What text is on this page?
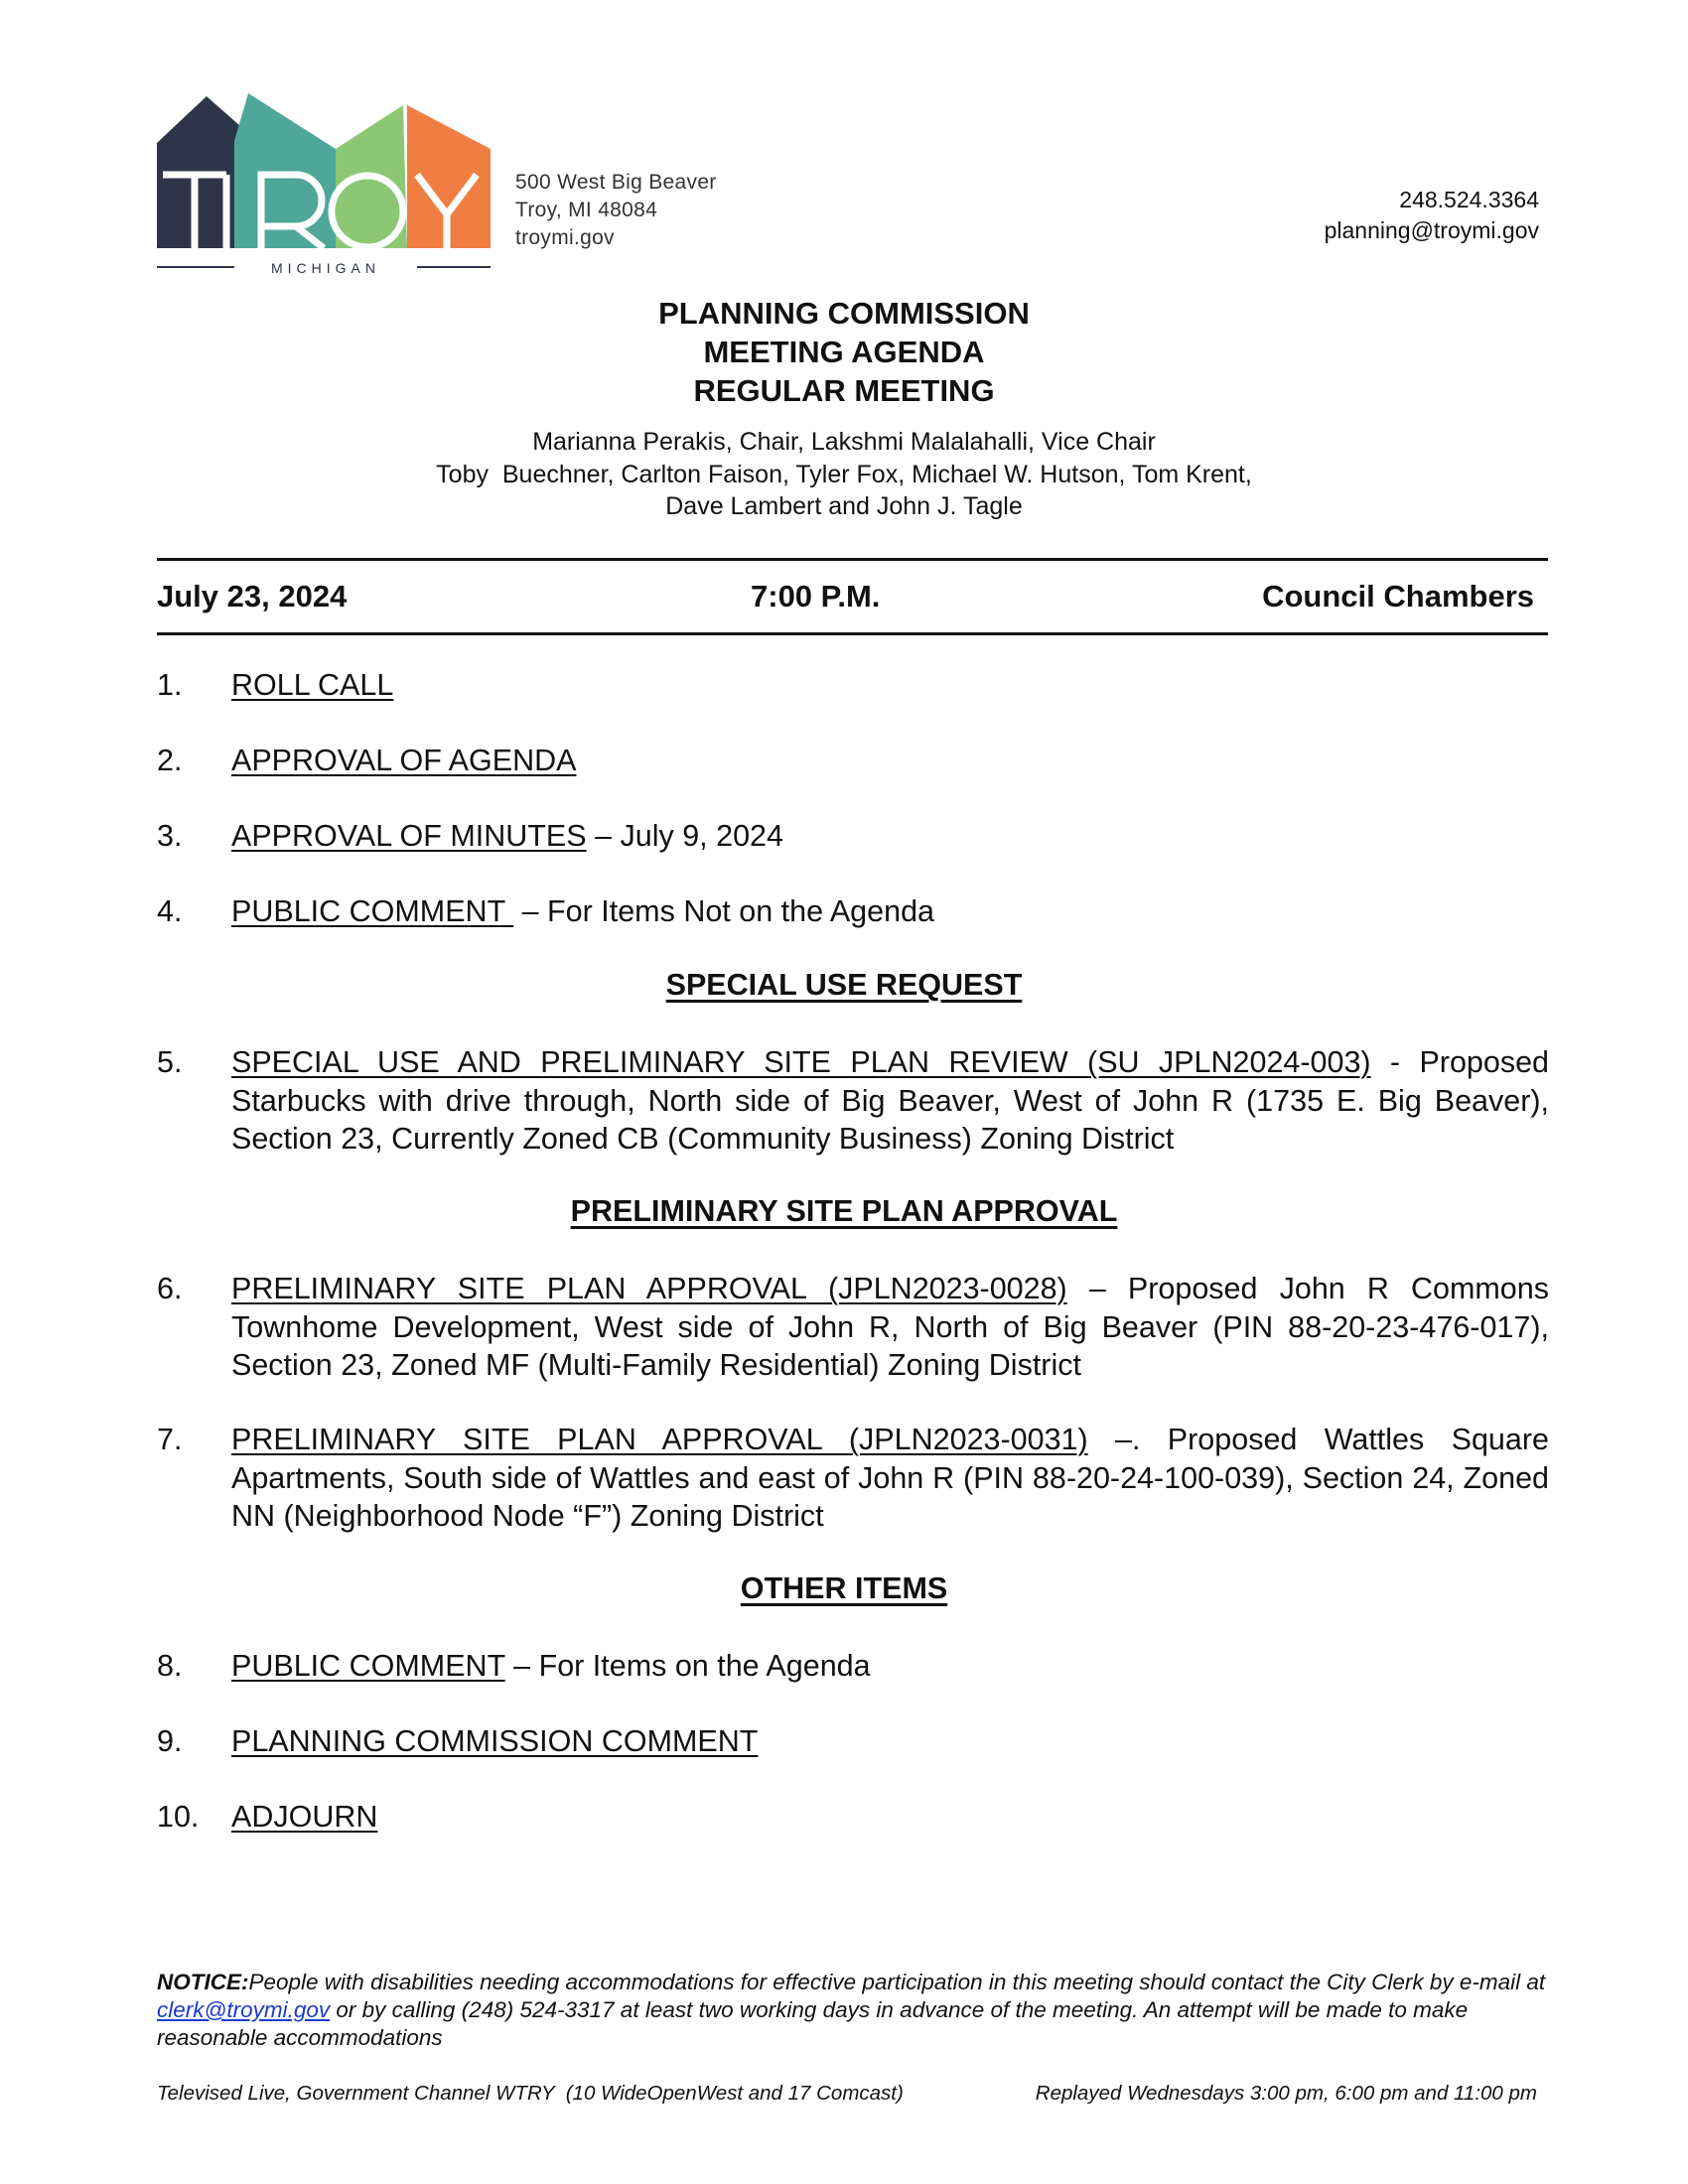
MICHIGAN
500 West Big Beaver
Troy, MI 48084
troymi.gov
248.524.3364
planning@troymi.gov
PLANNING COMMISSION
MEETING AGENDA
REGULAR MEETING
Marianna Perakis, Chair, Lakshmi Malalahalli, Vice Chair
Toby  Buechner, Carlton Faison, Tyler Fox, Michael W. Hutson, Tom Krent,
Dave Lambert and John J. Tagle
July 23, 2024	7:00 P.M.	Council Chambers
1. ROLL CALL
2. APPROVAL OF AGENDA
3. APPROVAL OF MINUTES – July 9, 2024
4. PUBLIC COMMENT  – For Items Not on the Agenda
SPECIAL USE REQUEST
5. SPECIAL USE AND PRELIMINARY SITE PLAN REVIEW (SU JPLN2024-003) - Proposed Starbucks with drive through, North side of Big Beaver, West of John R (1735 E. Big Beaver), Section 23, Currently Zoned CB (Community Business) Zoning District
PRELIMINARY SITE PLAN APPROVAL
6. PRELIMINARY SITE PLAN APPROVAL (JPLN2023-0028) – Proposed John R Commons Townhome Development, West side of John R, North of Big Beaver (PIN 88-20-23-476-017), Section 23, Zoned MF (Multi-Family Residential) Zoning District
7. PRELIMINARY SITE PLAN APPROVAL (JPLN2023-0031) –. Proposed Wattles Square Apartments, South side of Wattles and east of John R (PIN 88-20-24-100-039), Section 24, Zoned NN (Neighborhood Node “F”) Zoning District
OTHER ITEMS
8. PUBLIC COMMENT – For Items on the Agenda
9. PLANNING COMMISSION COMMENT
10. ADJOURN
NOTICE:People with disabilities needing accommodations for effective participation in this meeting should contact the City Clerk by e-mail at clerk@troymi.gov or by calling (248) 524-3317 at least two working days in advance of the meeting. An attempt will be made to make reasonable accommodations
Televised Live, Government Channel WTRY  (10 WideOpenWest and 17 Comcast)	Replayed Wednesdays 3:00 pm, 6:00 pm and 11:00 pm
